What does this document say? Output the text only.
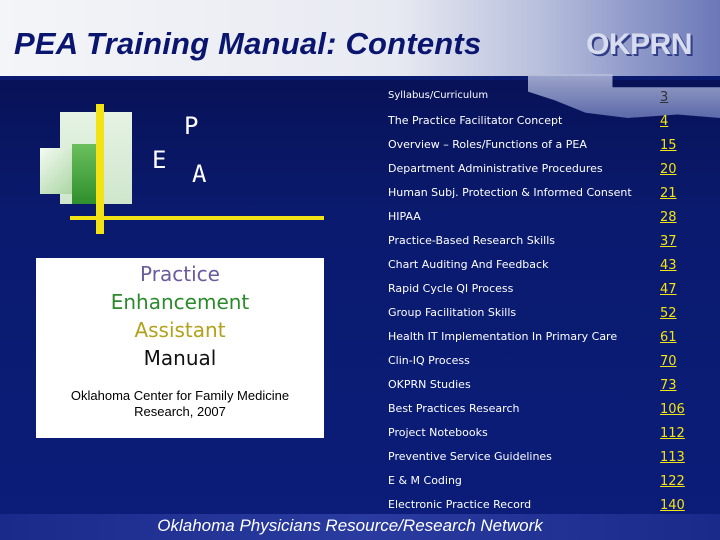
PEA Training Manual: Contents	OKPRN
P
E A
Practice
Enhancement
Assistant
Manual
Oklahoma Center for Family Medicine
Research, 2007
Syllabus/Curriculum	3
The Practice Facilitator Concept	4
Overview – Roles/Functions of a PEA	15
Department Administrative Procedures	20
Human Subj. Protection & Informed Consent 21
HIPAA	28
Practice-Based Research Skills	37
Chart Auditing And Feedback	43
Rapid Cycle QI Process	47
Group Facilitation Skills	52
Health IT Implementation In Primary Care	61
Clin-IQ Process	70
OKPRN Studies	73
Best Practices Research	106
Project Notebooks	112
Preventive Service Guidelines	113
E & M Coding	122
Electronic Practice Record	140
Oklahoma Physicians Resource/Research Network
